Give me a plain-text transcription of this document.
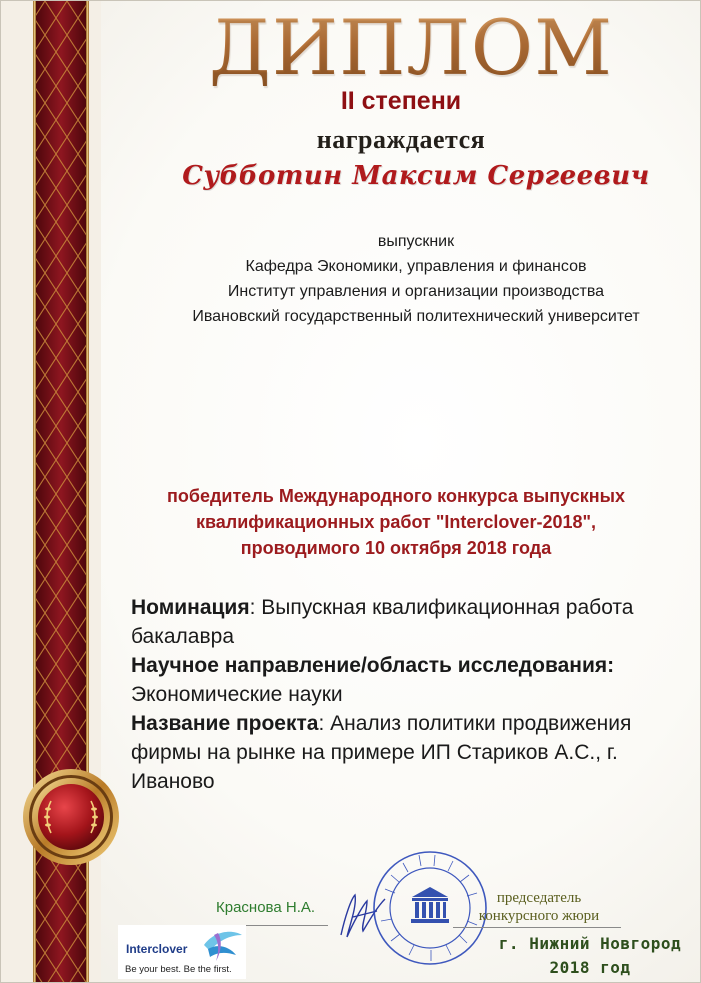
ДИПЛОМ

II степени

награждается

Субботин Максим Сергеевич

выпускник
Кафедра Экономики, управления и финансов
Институт управления и организации производства
Ивановский государственный политехнический университет
победитель Международного конкурса выпускных
квалификационных работ "Interclover-2018",
проводимого 10 октября 2018 года

Номинация: Выпускная квалификационная работа бакалавра

Научное направление/область исследования:

Экономические науки

Название проекта: Анализ политики продвижения фирмы на рынке на примере ИП Стариков А.С., г. Иваново

Краснова Н.А.
председатель
конкурсного жюри
г. Нижний Новгород
2018 год
Interclover
Be your best. Be the first.
